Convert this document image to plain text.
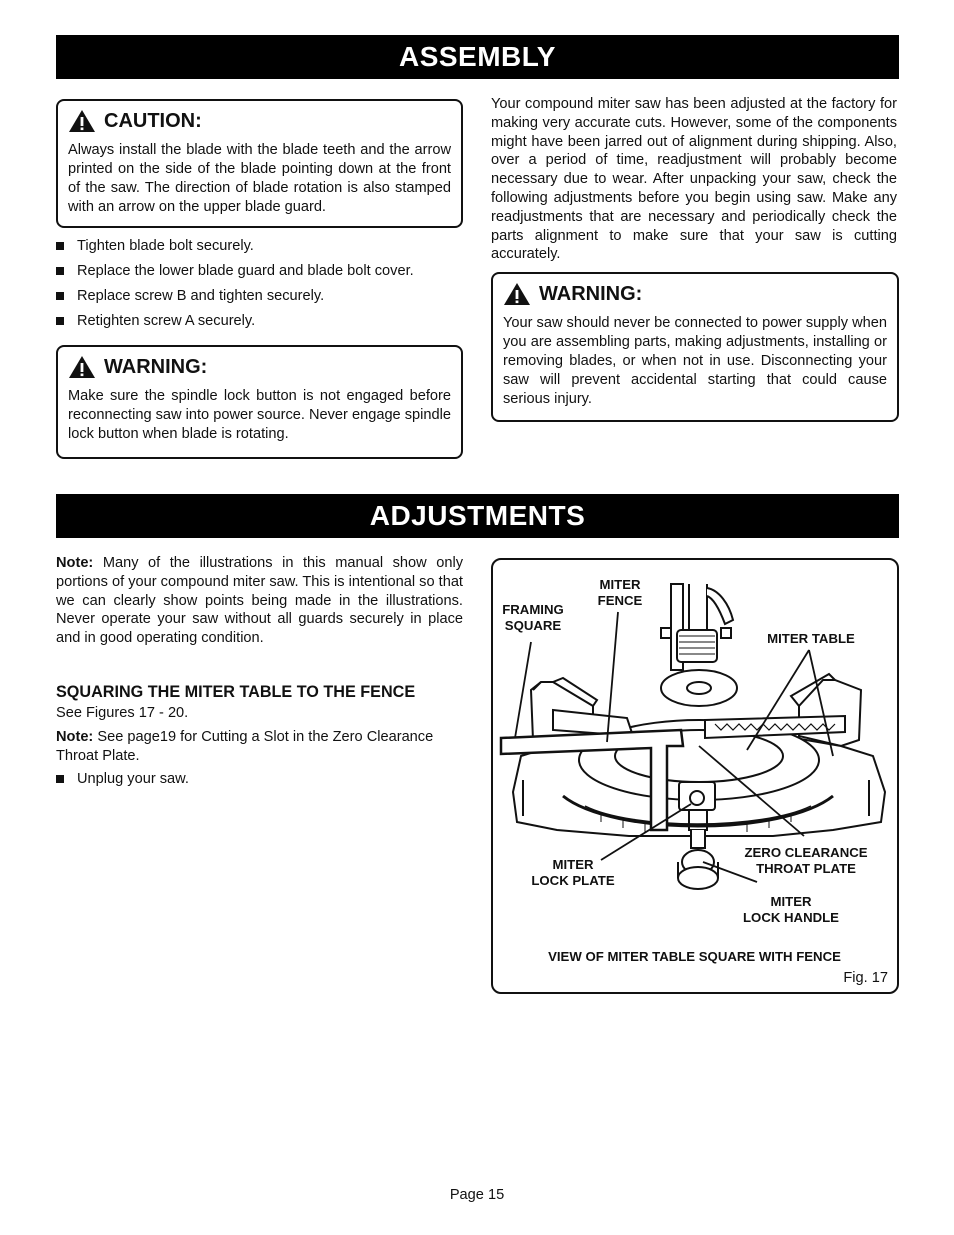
ASSEMBLY
CAUTION:
Always install the blade with the blade teeth and the arrow printed on the side of the blade pointing down at the front of the saw. The direction of blade rotation is also stamped with an arrow on the upper blade guard.
Tighten blade bolt securely.
Replace the lower blade guard and blade bolt cover.
Replace screw B and tighten securely.
Retighten screw A securely.
WARNING:
Make sure the spindle lock button is not engaged before reconnecting saw into power source. Never engage spindle lock button when blade is rotating.
Your compound miter saw has been adjusted at the factory for making very accurate cuts. However, some of the components might have been jarred out of alignment during shipping. Also, over a period of time, readjustment will probably become necessary due to wear. After unpacking your saw, check the following adjustments before you begin using saw. Make any readjustments that are necessary and periodically check the parts alignment to make sure that your saw is cutting accurately.
WARNING:
Your saw should never be connected to power supply when you are assembling parts, making adjustments, installing or removing blades, or when not in use. Disconnecting your saw will prevent accidental starting that could cause serious injury.
ADJUSTMENTS
Note: Many of the illustrations in this manual show only portions of your compound miter saw. This is intentional so that we can clearly show points being made in the illustrations. Never operate your saw without all guards securely in place and in good operating condition.
SQUARING THE MITER TABLE TO THE FENCE
See Figures 17 - 20.
Note: See page19 for Cutting a Slot in the Zero Clearance Throat Plate.
Unplug your saw.
MITER
FENCE
FRAMING
SQUARE
MITER TABLE
ZERO CLEARANCE
THROAT PLATE
MITER
LOCK PLATE
MITER
LOCK HANDLE
VIEW OF MITER TABLE SQUARE WITH FENCE
Fig. 17
Page 15
